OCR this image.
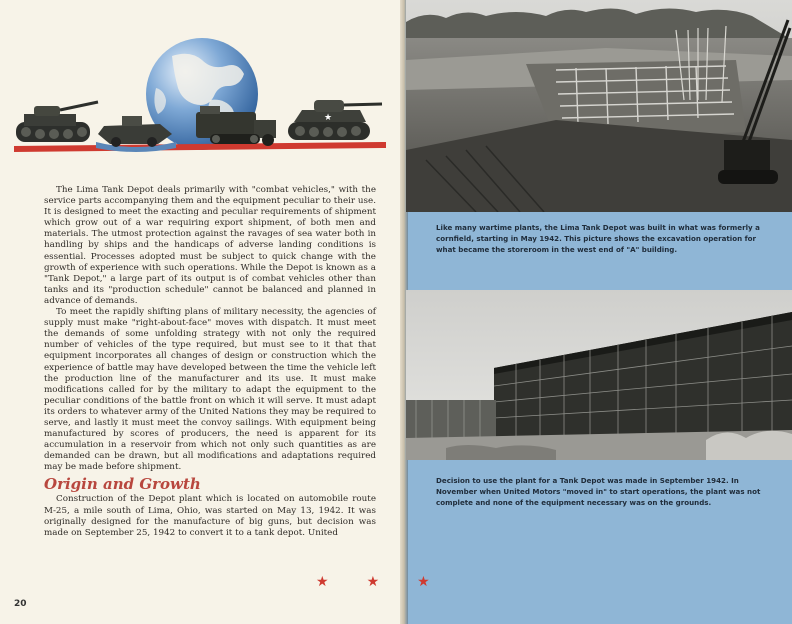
★

The Lima Tank Depot deals primarily with "combat vehicles," with the service parts accompanying them and the equipment peculiar to their use. It is designed to meet the exacting and peculiar requirements of shipment which grow out of a war requiring export shipment, of both men and materials. The utmost protection against the ravages of sea water both in handling by ships and the handicaps of adverse landing conditions is essential. Processes adopted must be subject to quick change with the growth of experience with such operations. While the Depot is known as a "Tank Depot," a large part of its output is of combat vehicles other than tanks and its "production schedule" cannot be balanced and planned in advance of demands.

To meet the rapidly shifting plans of military necessity, the agencies of supply must make "right-about-face" moves with dispatch. It must meet the demands of some unfolding strategy with not only the required number of vehicles of the type required, but must see to it that that equipment incorporates all changes of design or construction which the experience of battle may have developed between the time the vehicle left the production line of the manufacturer and its use. It must make modifications called for by the military to adapt the equipment to the peculiar conditions of the battle front on which it will serve. It must adapt its orders to whatever army of the United Nations they may be required to serve, and lastly it must meet the convoy sailings. With equipment being manufactured by scores of producers, the need is apparent for its accumulation in a reservoir from which not only such quantities as are demanded can be drawn, but all modifications and adaptations required may be made before shipment.

Origin and Growth

Construction of the Depot plant which is located on automobile route M-25, a mile south of Lima, Ohio, was started on May 13, 1942. It was originally designed for the manufacture of big guns, but decision was made on September 25, 1942 to convert it to a tank depot. United

★	★	★
20
Like many wartime plants, the Lima Tank Depot was built in what was formerly a cornfield, starting in May 1942. This picture shows the excavation operation for what became the storeroom in the west end of "A" building.
Decision to use the plant for a Tank Depot was made in September 1942. In November when United Motors "moved in" to start operations, the plant was not complete and none of the equipment necessary was on the grounds.
